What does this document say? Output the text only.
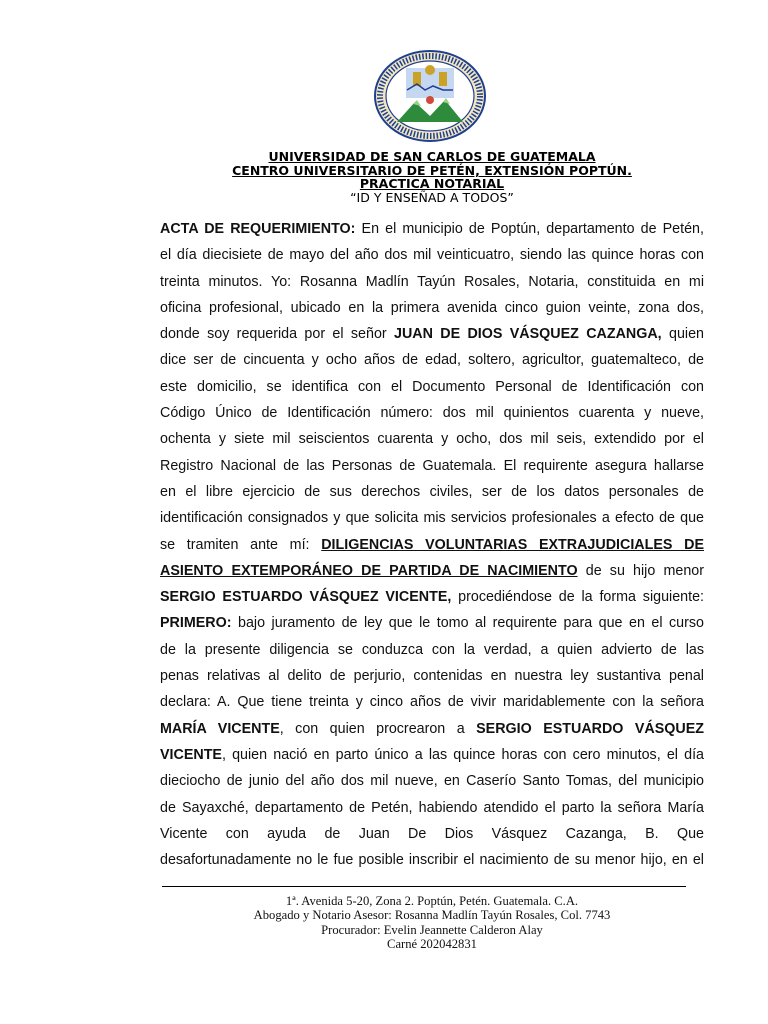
UNIVERSIDAD DE SAN CARLOS DE GUATEMALA
CENTRO UNIVERSITARIO DE PETÉN, EXTENSIÓN POPTÚN.
PRACTICA NOTARIAL
“ID Y ENSEÑAD A TODOS”
ACTA DE REQUERIMIENTO: En el municipio de Poptún, departamento de Petén,
el día diecisiete de mayo del año dos mil veinticuatro, siendo las quince horas con
treinta minutos. Yo: Rosanna Madlín Tayún Rosales, Notaria, constituida en mi
oficina profesional, ubicado en la primera avenida cinco guion veinte, zona dos,
donde soy requerida por el señor JUAN DE DIOS VÁSQUEZ CAZANGA, quien
dice ser de cincuenta y ocho años de edad, soltero, agricultor, guatemalteco, de
este domicilio, se identifica con el Documento Personal de Identificación con
Código Único de Identificación número: dos mil quinientos cuarenta y nueve,
ochenta y siete mil seiscientos cuarenta y ocho, dos mil seis, extendido por el
Registro Nacional de las Personas de Guatemala. El requirente asegura hallarse
en el libre ejercicio de sus derechos civiles, ser de los datos personales de
identificación consignados y que solicita mis servicios profesionales a efecto de que
se tramiten ante mí: DILIGENCIAS VOLUNTARIAS EXTRAJUDICIALES DE
ASIENTO EXTEMPORÁNEO DE PARTIDA DE NACIMIENTO de su hijo menor
SERGIO ESTUARDO VÁSQUEZ VICENTE, procediéndose de la forma siguiente:
PRIMERO: bajo juramento de ley que le tomo al requirente para que en el curso
de la presente diligencia se conduzca con la verdad, a quien advierto de las
penas relativas al delito de perjurio, contenidas en nuestra ley sustantiva penal
declara: A. Que tiene treinta y cinco años de vivir maridablemente con la señora
MARÍA VICENTE, con quien procrearon a SERGIO ESTUARDO VÁSQUEZ
VICENTE, quien nació en parto único a las quince horas con cero minutos, el día
dieciocho de junio del año dos mil nueve, en Caserío Santo Tomas, del municipio
de Sayaxché, departamento de Petén, habiendo atendido el parto la señora María
Vicente con ayuda de Juan De Dios Vásquez Cazanga, B. Que
desafortunadamente no le fue posible inscribir el nacimiento de su menor hijo, en el
1ª. Avenida 5-20, Zona 2. Poptún, Petén. Guatemala. C.A.
Abogado y Notario Asesor: Rosanna Madlín Tayún Rosales, Col. 7743
Procurador: Evelin Jeannette Calderon Alay
Carné 202042831
